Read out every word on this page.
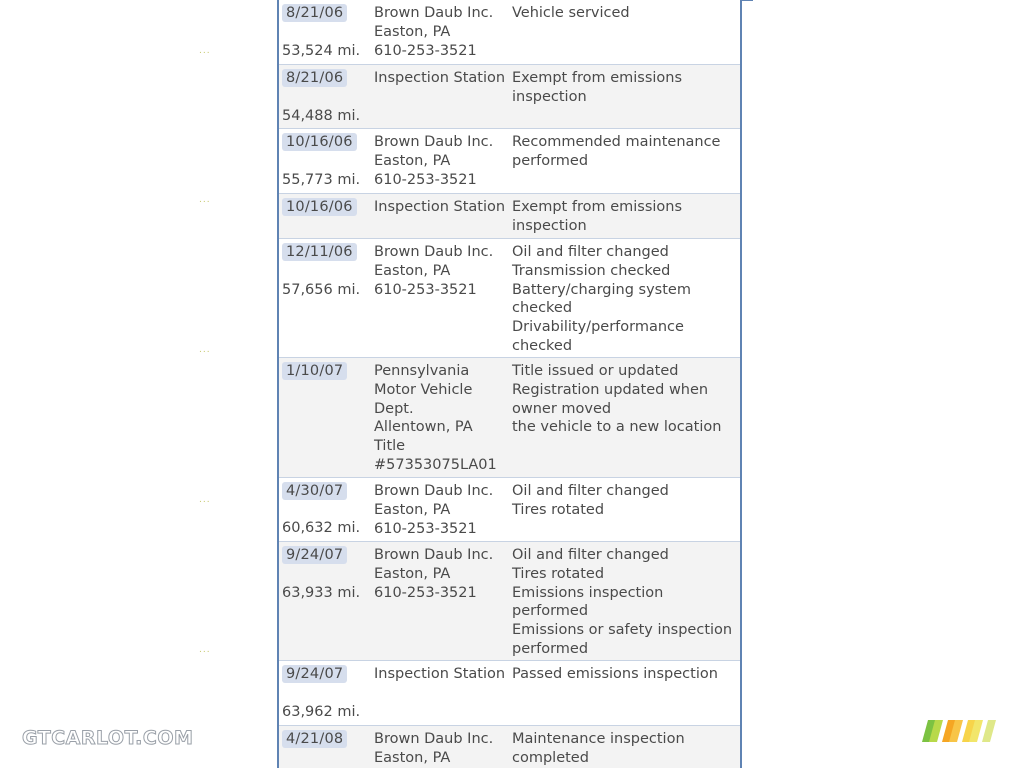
...
...
...
...
...
8/21/06
53,524 mi.
Brown Daub Inc.
Easton, PA
610-253-3521
Vehicle serviced
8/21/06
54,488 mi.
Inspection Station Exempt from emissions
inspection
10/16/06
55,773 mi.
Brown Daub Inc.
Easton, PA
610-253-3521
Recommended maintenance
performed
10/16/06 Inspection Station Exempt from emissions
inspection
12/11/06
57,656 mi.
Brown Daub Inc.
Easton, PA
610-253-3521
Oil and filter changed
Transmission checked
Battery/charging system
checked
Drivability/performance
checked
1/10/07 Pennsylvania
Motor Vehicle
Dept.
Allentown, PA
Title
#57353075LA01
Title issued or updated
Registration updated when
owner moved
the vehicle to a new location
4/30/07
60,632 mi.
Brown Daub Inc.
Easton, PA
610-253-3521
Oil and filter changed
Tires rotated
9/24/07
63,933 mi.
Brown Daub Inc.
Easton, PA
610-253-3521
Oil and filter changed
Tires rotated
Emissions inspection
performed
Emissions or safety inspection
performed
9/24/07
63,962 mi.
Inspection Station Passed emissions inspection
4/21/08 Brown Daub Inc.
Easton, PA
Maintenance inspection
completed
GTCARLOT.COM
